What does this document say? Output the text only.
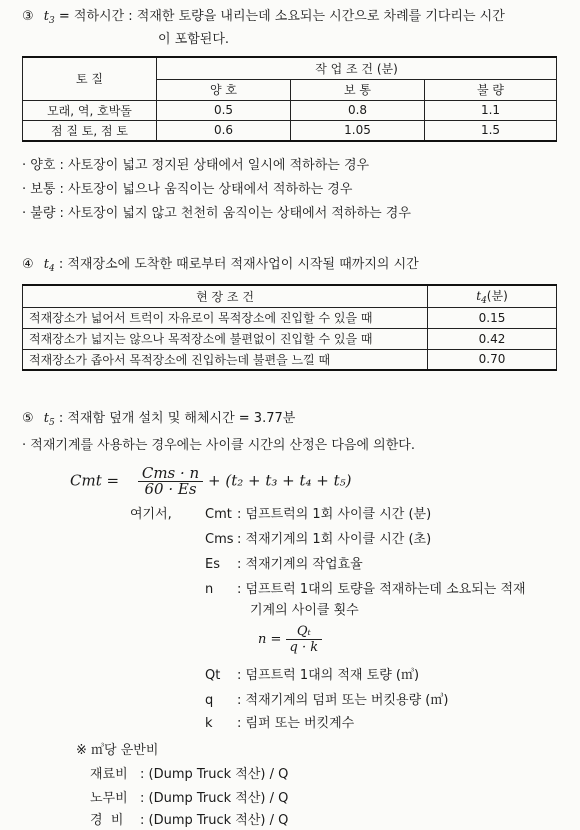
③ $t_3$ = 적하시간 : 적재한 토량을 내리는데 소요되는 시간으로 차례를 기다리는 시간
이 포함된다.
토 질	작 업 조 건 (분)		
	양 호	보 통	불 량
모래, 역, 호박돌	0.5	0.8	1.1
점 질 토, 점 토	0.6	1.05	1.5
· 양호 : 사토장이 넓고 정지된 상태에서 일시에 적하하는 경우
· 보통 : 사토장이 넓으나 움직이는 상태에서 적하하는 경우
· 불량 : 사토장이 넓지 않고 천천히 움직이는 상태에서 적하하는 경우
④ $t_4$ : 적재장소에 도착한 때로부터 적재사업이 시작될 때까지의 시간
현 장 조 건	$t_4$(분)
적재장소가 넓어서 트럭이 자유로이 목적장소에 진입할 수 있을 때	0.15
적재장소가 넓지는 않으나 목적장소에 불편없이 진입할 수 있을 때	0.42
적재장소가 좁아서 목적장소에 진입하는데 불편을 느낄 때	0.70
⑤ $t_5$ : 적재함 덮개 설치 및 해체시간 = 3.77분
· 적재기계를 사용하는 경우에는 사이클 시간의 산정은 다음에 의한다.
Cmt = $\frac{\text{Cms · n}}{60 \cdot Es} + (t_2 + t_3 + t_4 + t_5)$
여기서,	Cmt : 덤프트럭의 1회 사이클 시간 (분)
Cms : 적재기계의 1회 사이클 시간 (초)
Es : 적재기계의 작업효율
n : 덤프트럭 1대의 토량을 적재하는데 소요되는 적재
기계의 사이클 횟수
$n = \frac{\text{Qₜ}}{q \cdot k}$
Qt : 덤프트럭 1대의 적재 토량 (㎥)
q : 적재기계의 덤퍼 또는 버킷용량 (㎥)
k : 림퍼 또는 버킷계수
※ ㎥당 운반비
재료비 : (Dump Truck 적산) / Q
노무비 : (Dump Truck 적산) / Q
경  비 : (Dump Truck 적산) / Q
